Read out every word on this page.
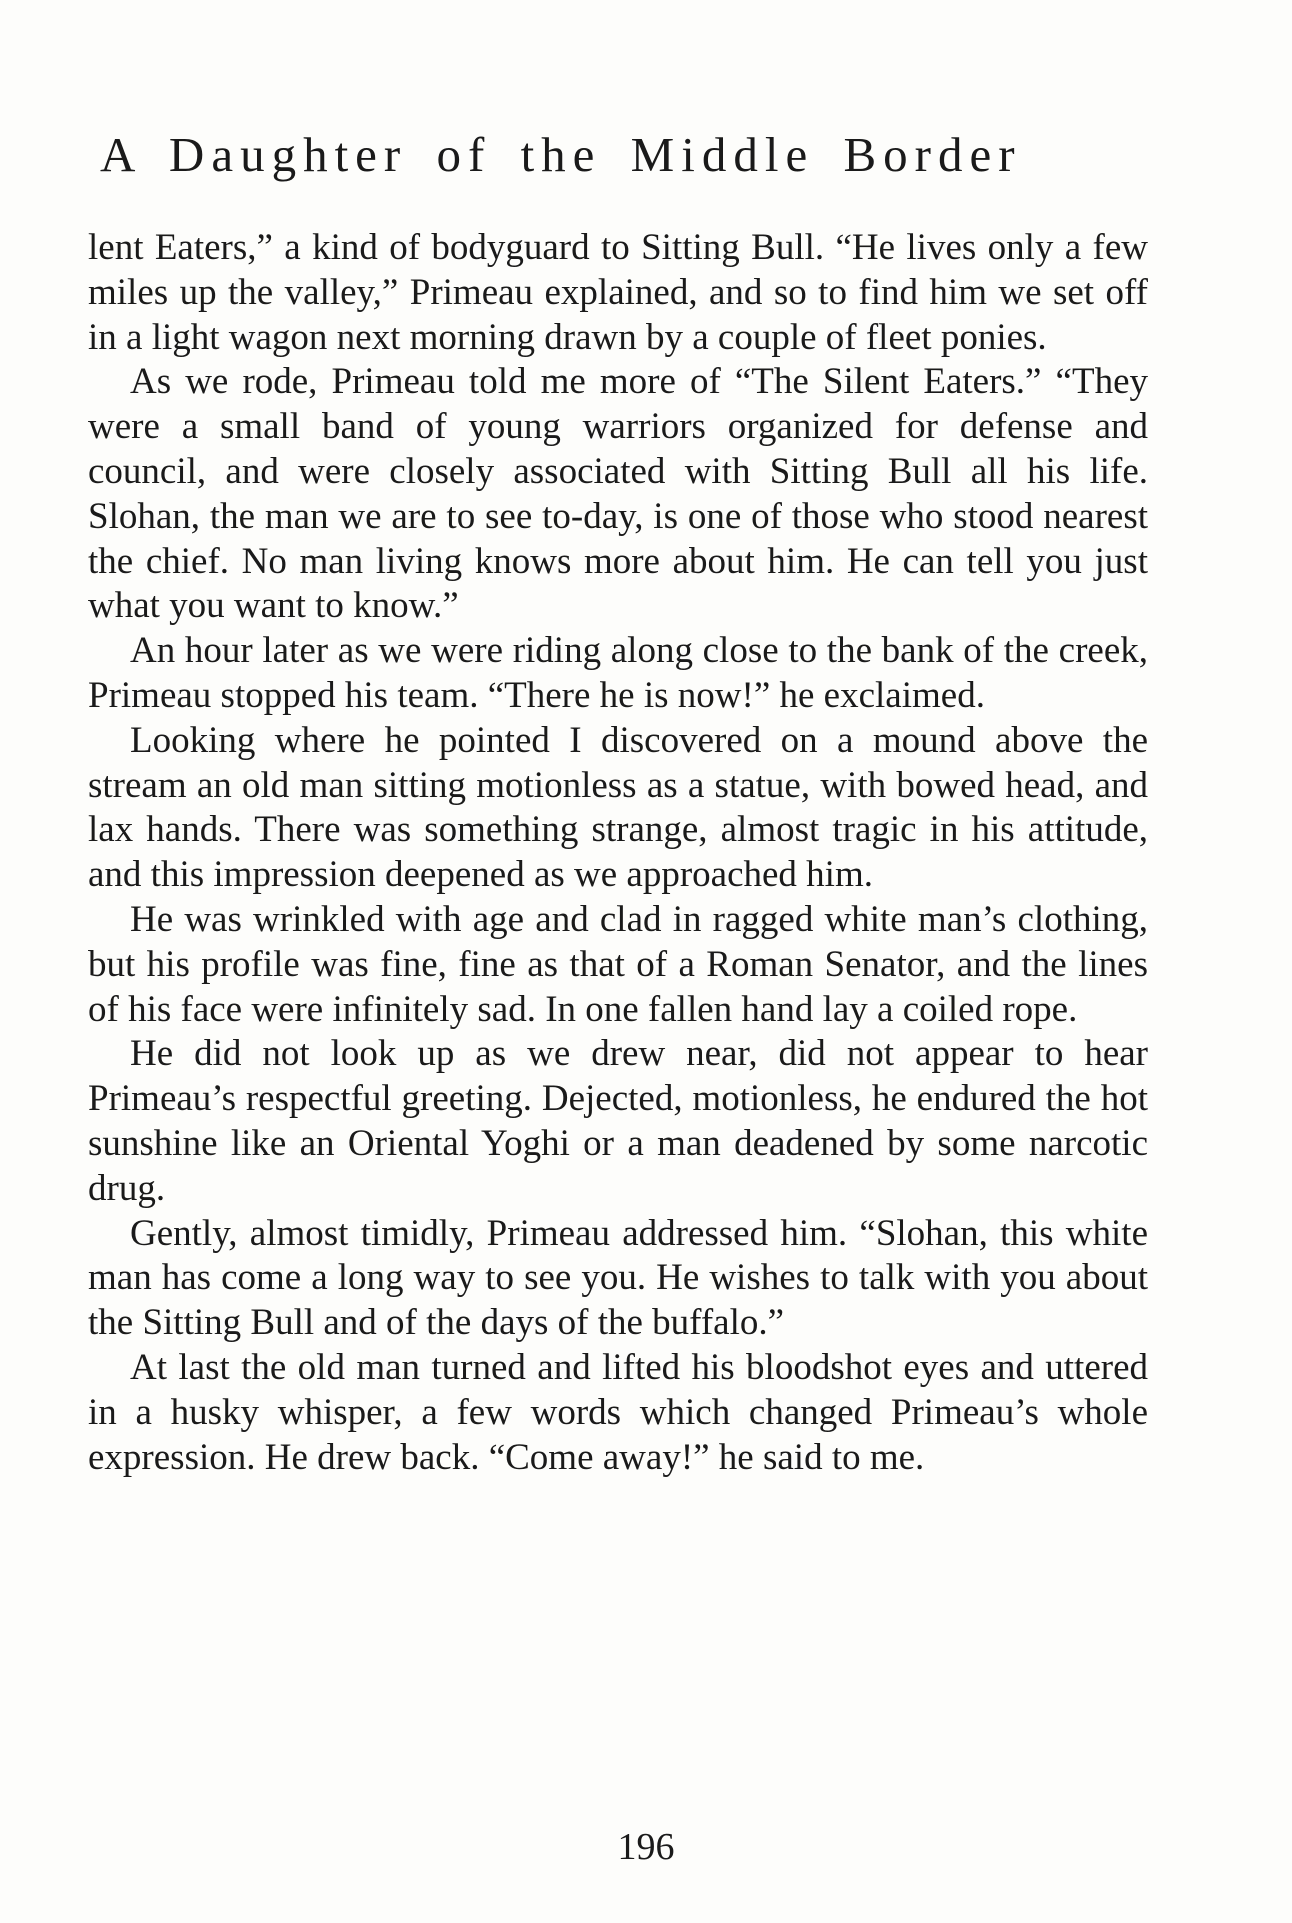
A Daughter of the Middle Border

lent Eaters,” a kind of bodyguard to Sitting Bull. “He lives only a few miles up the valley,” Primeau explained, and so to find him we set off in a light wagon next morning drawn by a couple of fleet ponies.

As we rode, Primeau told me more of “The Silent Eaters.” “They were a small band of young warriors organized for defense and council, and were closely associated with Sitting Bull all his life. Slohan, the man we are to see to-day, is one of those who stood nearest the chief. No man living knows more about him. He can tell you just what you want to know.”

An hour later as we were riding along close to the bank of the creek, Primeau stopped his team. “There he is now!” he exclaimed.

Looking where he pointed I discovered on a mound above the stream an old man sitting motionless as a statue, with bowed head, and lax hands. There was something strange, almost tragic in his attitude, and this impression deepened as we approached him.

He was wrinkled with age and clad in ragged white man’s clothing, but his profile was fine, fine as that of a Roman Senator, and the lines of his face were infinitely sad. In one fallen hand lay a coiled rope.

He did not look up as we drew near, did not appear to hear Primeau’s respectful greeting. Dejected, motionless, he endured the hot sunshine like an Oriental Yoghi or a man deadened by some narcotic drug.

Gently, almost timidly, Primeau addressed him. “Slohan, this white man has come a long way to see you. He wishes to talk with you about the Sitting Bull and of the days of the buffalo.”

At last the old man turned and lifted his bloodshot eyes and uttered in a husky whisper, a few words which changed Primeau’s whole expression. He drew back. “Come away!” he said to me.

196
